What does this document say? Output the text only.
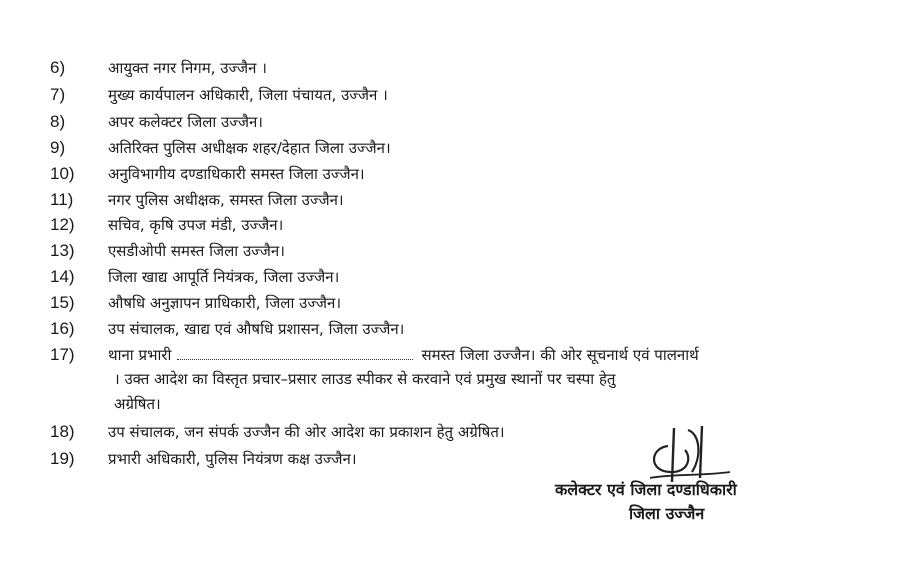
6)	आयुक्त नगर निगम, उज्जैन ।
7)	मुख्य कार्यपालन अधिकारी, जिला पंचायत, उज्जैन ।
8)	अपर कलेक्टर जिला उज्जैन।
9)	अतिरिक्त पुलिस अधीक्षक शहर/देहात जिला उज्जैन।
10)	अनुविभागीय दण्डाधिकारी समस्त जिला उज्जैन।
11)	नगर पुलिस अधीक्षक, समस्त जिला उज्जैन।
12)	सचिव, कृषि उपज मंडी, उज्जैन।
13)	एसडीओपी समस्त जिला उज्जैन।
14)	जिला खाद्य आपूर्ति नियंत्रक, जिला उज्जैन।
15)	औषधि अनुज्ञापन प्राधिकारी, जिला उज्जैन।
16)	उप संचालक, खाद्य एवं औषधि प्रशासन, जिला उज्जैन।
17)	थाना प्रभारी	समस्त जिला उज्जैन। की ओर सूचनार्थ एवं पालनार्थ
। उक्त आदेश का विस्तृत प्रचार–प्रसार लाउड स्पीकर से करवाने एवं प्रमुख स्थानों पर चस्पा हेतु
अग्रेषित।
18)	उप संचालक, जन संपर्क उज्जैन की ओर आदेश का प्रकाशन हेतु अग्रेषित।
19)	प्रभारी अधिकारी, पुलिस नियंत्रण कक्ष उज्जैन।
कलेक्टर एवं जिला दण्डाधिकारी
जिला उज्जैन
